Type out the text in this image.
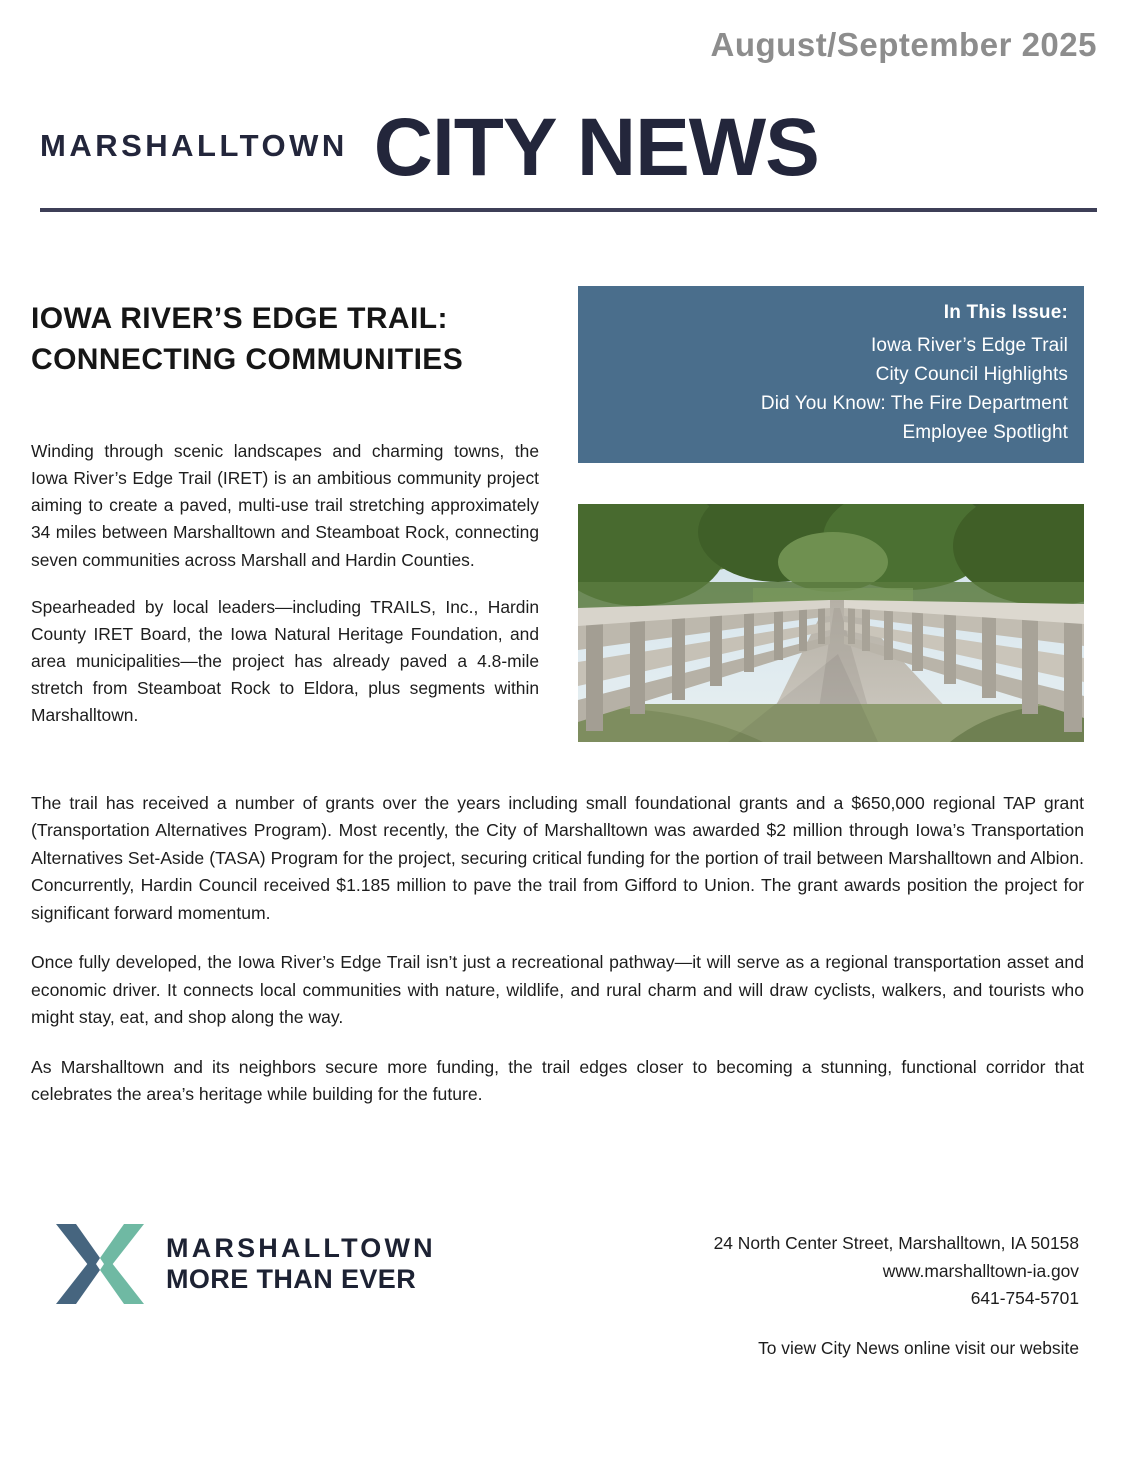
August/September 2025
MARSHALLTOWN CITY NEWS
IOWA RIVER’S EDGE TRAIL: CONNECTING COMMUNITIES

Winding through scenic landscapes and charming towns, the Iowa River’s Edge Trail (IRET) is an ambitious community project aiming to create a paved, multi-use trail stretching approximately 34 miles between Marshalltown and Steamboat Rock, connecting seven communities across Marshall and Hardin Counties.

Spearheaded by local leaders—including TRAILS, Inc., Hardin County IRET Board, the Iowa Natural Heritage Foundation, and area municipalities—the project has already paved a 4.8-mile stretch from Steamboat Rock to Eldora, plus segments within Marshalltown.

In This Issue:
Iowa River’s Edge Trail
City Council Highlights
Did You Know: The Fire Department
Employee Spotlight

The trail has received a number of grants over the years including small foundational grants and a $650,000 regional TAP grant (Transportation Alternatives Program). Most recently, the City of Marshalltown was awarded $2 million through Iowa’s Transportation Alternatives Set-Aside (TASA) Program for the project, securing critical funding for the portion of trail between Marshalltown and Albion. Concurrently, Hardin Council received $1.185 million to pave the trail from Gifford to Union. The grant awards position the project for significant forward momentum.

Once fully developed, the Iowa River’s Edge Trail isn’t just a recreational pathway—it will serve as a regional transportation asset and economic driver. It connects local communities with nature, wildlife, and rural charm and will draw cyclists, walkers, and tourists who might stay, eat, and shop along the way.

As Marshalltown and its neighbors secure more funding, the trail edges closer to becoming a stunning, functional corridor that celebrates the area’s heritage while building for the future.

MARSHALLTOWN
MORE THAN EVER
24 North Center Street, Marshalltown, IA 50158
www.marshalltown-ia.gov
641-754-5701
To view City News online visit our website
